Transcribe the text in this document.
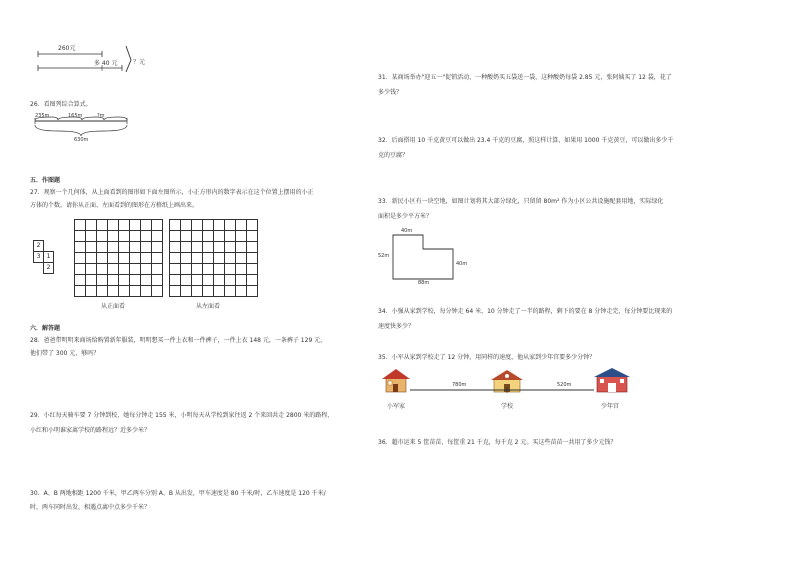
260元
多 40 元	？元
26．看图列综合算式。
235m	165m	?m
630m
五．作图题
27．观察一个几何体，从上面看到的图形如下面左图所示，小正方形内的数字表示在这个位置上摆用的小正
方体的个数。请你从正面、左面看到的图形在方格纸上画出来。
2	
3	1
	2

从正面看

								从左面看
六．解答题
28．爸爸带明明来商场给购置新年服装，明明想买一件上衣和一件裤子，一件上衣 148 元，一条裤子 129 元，
他们带了 300 元，够吗？
29．小红每天骑车要 7 分钟到校，她每分钟走 155 米，小明每天从学校到家往返 2 个来回共走 2800 米的路程，
小红和小明谁家离学校的路程远？近多少米？
30．A、B 两地相距 1200 千米，甲乙两车分别 A、B 从出发，甲车速度是 80 千米/时，乙车速度是 120 千米/
时，两车同时出发，相遇点离中点多少千米？
31．某商场举办"迎五一"促销活动，一种酸奶买五袋送一袋，这种酸奶每袋 2.85 元，张阿姨买了 12 袋，花了
多少钱？
32．后面搭用 10 千克黄豆可以做出 23.4 千克的豆腐，照这样计算，如果用 1000 千克黄豆，可以做出多少千
克的豆腐？
33．新民小区有一块空地，如图计划将其大部分绿化，只留留 80m² 作为小区公共设施配套用地，实际绿化
面积是多少平方米？
40m
52m
40m
88m
34．小强从家到学校，每分钟走 64 米，10 分钟走了一半的路程，剩下的要在 8 分钟走完，每分钟要比现来的
速度快多少？
35．小军从家到学校走了 12 分钟，用同样的速度，他从家到少年宫要多少分钟？
780m	520m
小军家	学校	少年宫
36．超市运来 5 筐苗苗，每筐重 21 千克，每千克 2 元。买这些苗苗一共用了多少元钱？
